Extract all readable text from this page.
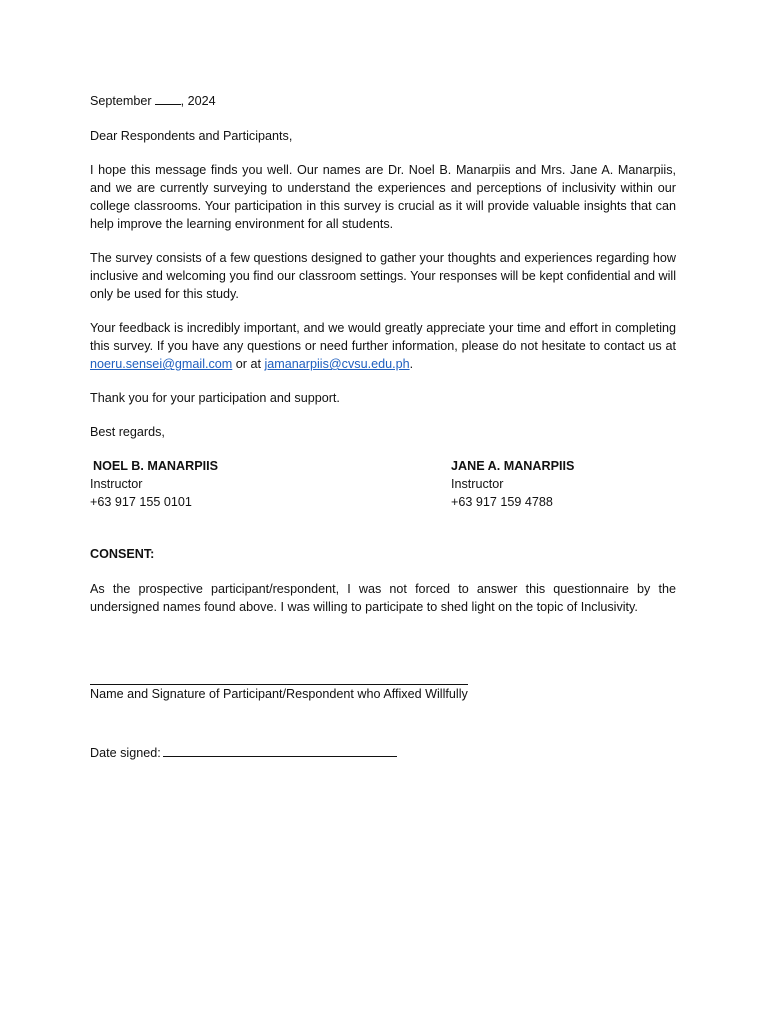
September , 2024

Dear Respondents and Participants,

I hope this message finds you well. Our names are Dr. Noel B. Manarpiis and Mrs. Jane A. Manarpiis, and we are currently surveying to understand the experiences and perceptions of inclusivity within our college classrooms. Your participation in this survey is crucial as it will provide valuable insights that can help improve the learning environment for all students.

The survey consists of a few questions designed to gather your thoughts and experiences regarding how inclusive and welcoming you find our classroom settings. Your responses will be kept confidential and will only be used for this study.

Your feedback is incredibly important, and we would greatly appreciate your time and effort in completing this survey. If you have any questions or need further information, please do not hesitate to contact us at noeru.sensei@gmail.com or at jamanarpiis@cvsu.edu.ph.

Thank you for your participation and support.

Best regards,

NOEL B. MANARPIIS
Instructor
+63 917 155 0101
JANE A. MANARPIIS
Instructor
+63 917 159 4788

CONSENT:

As the prospective participant/respondent, I was not forced to answer this questionnaire by the undersigned names found above. I was willing to participate to shed light on the topic of Inclusivity.

Name and Signature of Participant/Respondent who Affixed Willfully

Date signed:
